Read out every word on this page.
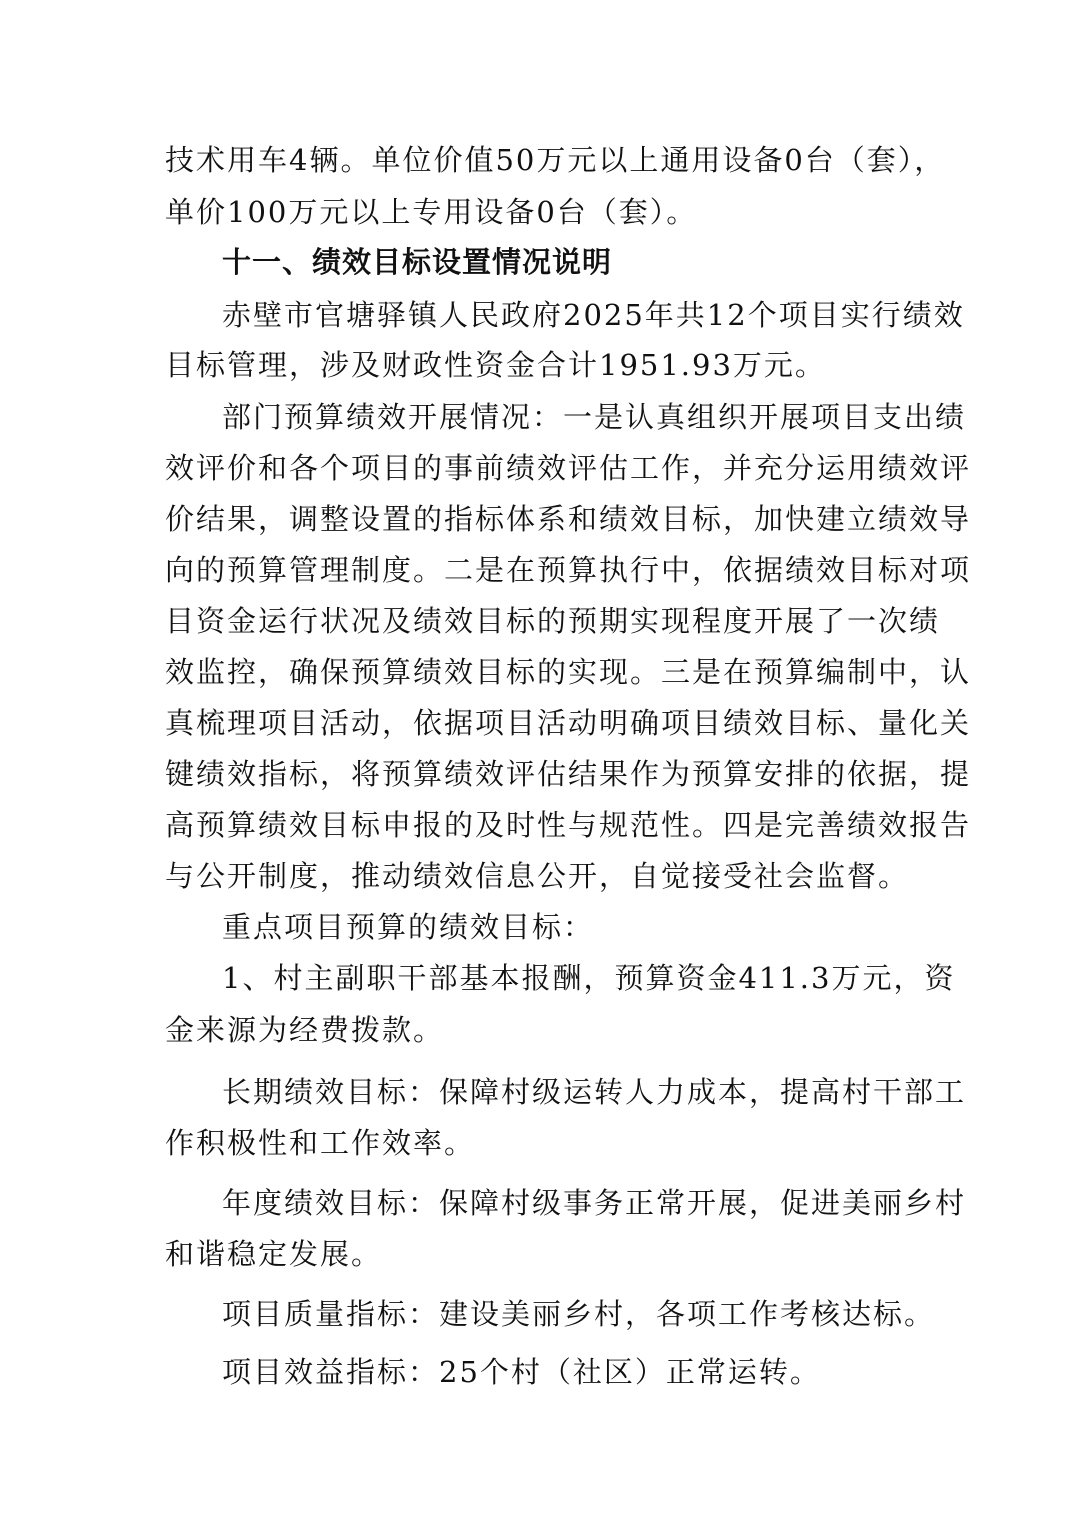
技术用车4辆。单位价值50万元以上通用设备0台（套），
单价100万元以上专用设备0台（套）。
十一、绩效目标设置情况说明
赤壁市官塘驿镇人民政府2025年共12个项目实行绩效
目标管理，涉及财政性资金合计1951.93万元。
部门预算绩效开展情况：一是认真组织开展项目支出绩
效评价和各个项目的事前绩效评估工作，并充分运用绩效评
价结果，调整设置的指标体系和绩效目标，加快建立绩效导
向的预算管理制度。二是在预算执行中，依据绩效目标对项
目资金运行状况及绩效目标的预期实现程度开展了一次绩
效监控，确保预算绩效目标的实现。三是在预算编制中，认
真梳理项目活动，依据项目活动明确项目绩效目标、量化关
键绩效指标，将预算绩效评估结果作为预算安排的依据，提
高预算绩效目标申报的及时性与规范性。四是完善绩效报告
与公开制度，推动绩效信息公开，自觉接受社会监督。
重点项目预算的绩效目标：
1、村主副职干部基本报酬，预算资金411.3万元，资
金来源为经费拨款。
长期绩效目标：保障村级运转人力成本，提高村干部工
作积极性和工作效率。
年度绩效目标：保障村级事务正常开展，促进美丽乡村
和谐稳定发展。
项目质量指标：建设美丽乡村，各项工作考核达标。
项目效益指标：25个村（社区）正常运转。
